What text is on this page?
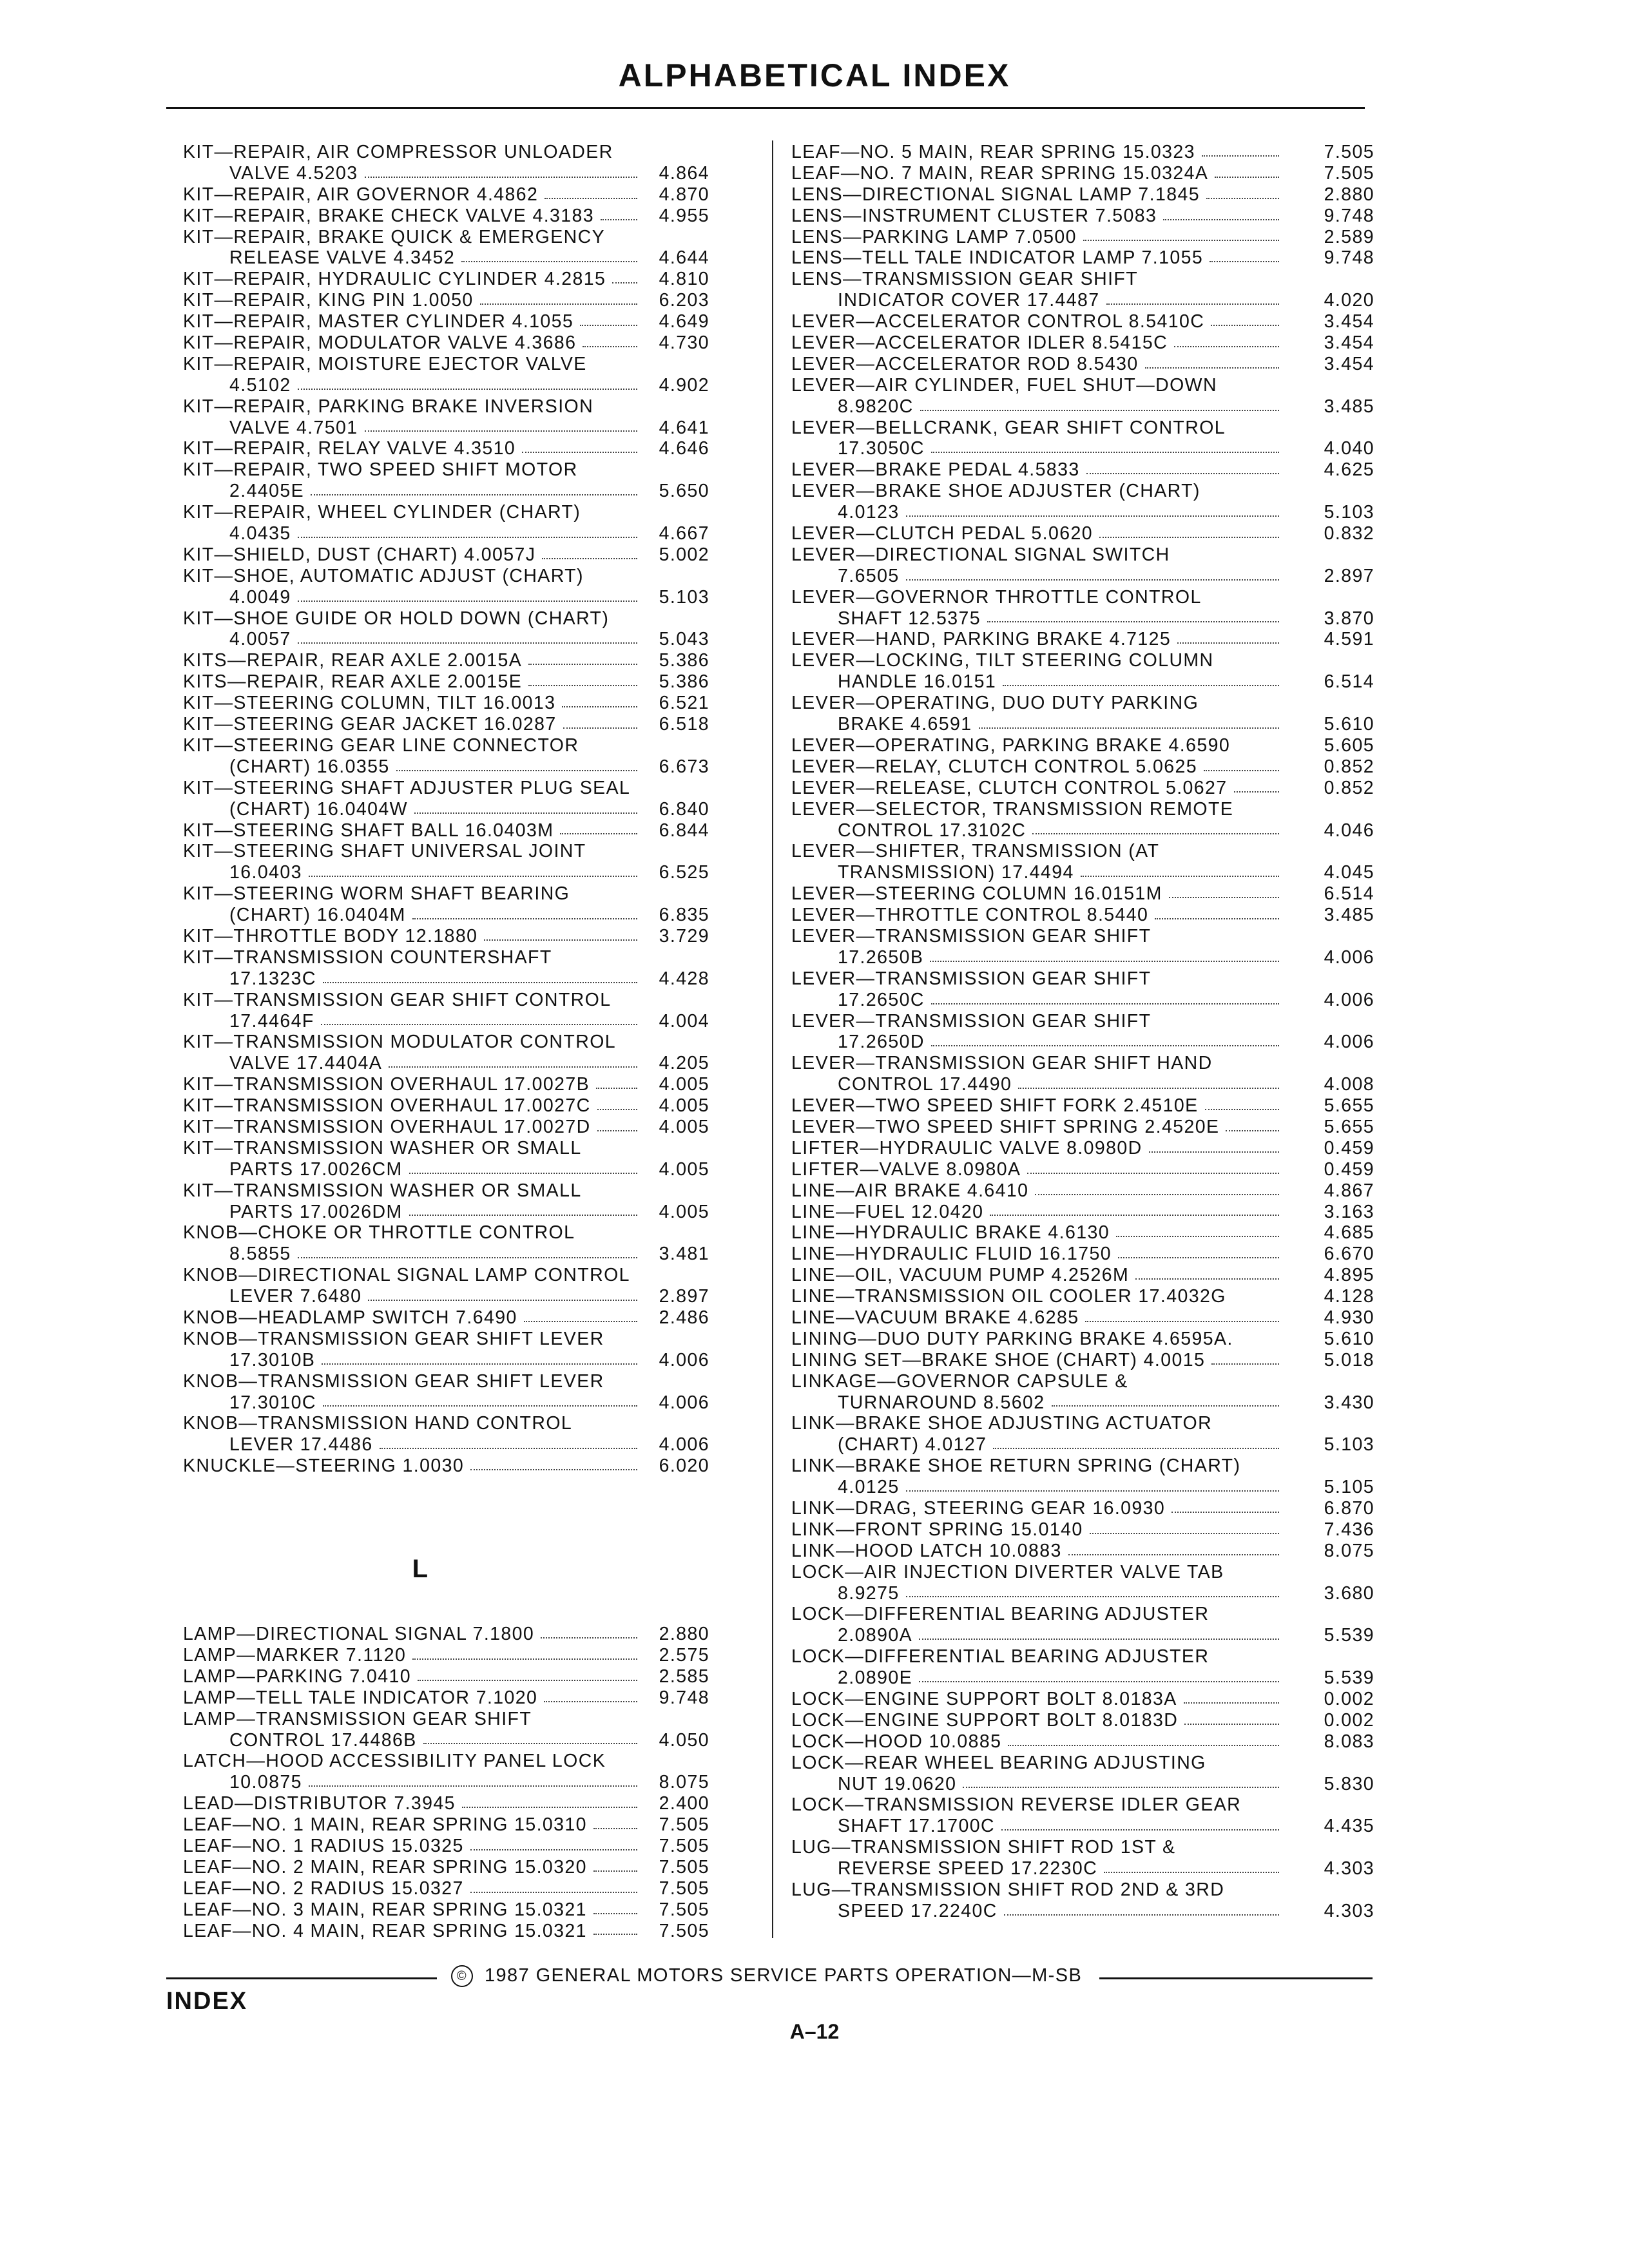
ALPHABETICAL INDEX
KIT—REPAIR, AIR COMPRESSOR UNLOADER
VALVE 4.5203	4.864
KIT—REPAIR, AIR GOVERNOR 4.4862	4.870
KIT—REPAIR, BRAKE CHECK VALVE 4.3183	4.955
KIT—REPAIR, BRAKE QUICK & EMERGENCY
RELEASE VALVE 4.3452	4.644
KIT—REPAIR, HYDRAULIC CYLINDER 4.2815	4.810
KIT—REPAIR, KING PIN 1.0050	6.203
KIT—REPAIR, MASTER CYLINDER 4.1055	4.649
KIT—REPAIR, MODULATOR VALVE 4.3686	4.730
KIT—REPAIR, MOISTURE EJECTOR VALVE
4.5102	4.902
KIT—REPAIR, PARKING BRAKE INVERSION
VALVE 4.7501	4.641
KIT—REPAIR, RELAY VALVE 4.3510	4.646
KIT—REPAIR, TWO SPEED SHIFT MOTOR
2.4405E	5.650
KIT—REPAIR, WHEEL CYLINDER (CHART)
4.0435	4.667
KIT—SHIELD, DUST (CHART) 4.0057J	5.002
KIT—SHOE, AUTOMATIC ADJUST (CHART)
4.0049	5.103
KIT—SHOE GUIDE OR HOLD DOWN (CHART)
4.0057	5.043
KITS—REPAIR, REAR AXLE 2.0015A	5.386
KITS—REPAIR, REAR AXLE 2.0015E	5.386
KIT—STEERING COLUMN, TILT 16.0013	6.521
KIT—STEERING GEAR JACKET 16.0287	6.518
KIT—STEERING GEAR LINE CONNECTOR
(CHART) 16.0355	6.673
KIT—STEERING SHAFT ADJUSTER PLUG SEAL
(CHART) 16.0404W	6.840
KIT—STEERING SHAFT BALL 16.0403M	6.844
KIT—STEERING SHAFT UNIVERSAL JOINT
16.0403	6.525
KIT—STEERING WORM SHAFT BEARING
(CHART) 16.0404M	6.835
KIT—THROTTLE BODY 12.1880	3.729
KIT—TRANSMISSION COUNTERSHAFT
17.1323C	4.428
KIT—TRANSMISSION GEAR SHIFT CONTROL
17.4464F	4.004
KIT—TRANSMISSION MODULATOR CONTROL
VALVE 17.4404A	4.205
KIT—TRANSMISSION OVERHAUL 17.0027B	4.005
KIT—TRANSMISSION OVERHAUL 17.0027C	4.005
KIT—TRANSMISSION OVERHAUL 17.0027D	4.005
KIT—TRANSMISSION WASHER OR SMALL
PARTS 17.0026CM	4.005
KIT—TRANSMISSION WASHER OR SMALL
PARTS 17.0026DM	4.005
KNOB—CHOKE OR THROTTLE CONTROL
8.5855	3.481
KNOB—DIRECTIONAL SIGNAL LAMP CONTROL
LEVER 7.6480	2.897
KNOB—HEADLAMP SWITCH 7.6490	2.486
KNOB—TRANSMISSION GEAR SHIFT LEVER
17.3010B	4.006
KNOB—TRANSMISSION GEAR SHIFT LEVER
17.3010C	4.006
KNOB—TRANSMISSION HAND CONTROL
LEVER 17.4486	4.006
KNUCKLE—STEERING 1.0030	6.020
L
LAMP—DIRECTIONAL SIGNAL 7.1800	2.880
LAMP—MARKER 7.1120	2.575
LAMP—PARKING 7.0410	2.585
LAMP—TELL TALE INDICATOR 7.1020	9.748
LAMP—TRANSMISSION GEAR SHIFT
CONTROL 17.4486B	4.050
LATCH—HOOD ACCESSIBILITY PANEL LOCK
10.0875	8.075
LEAD—DISTRIBUTOR 7.3945	2.400
LEAF—NO. 1 MAIN, REAR SPRING 15.0310	7.505
LEAF—NO. 1 RADIUS 15.0325	7.505
LEAF—NO. 2 MAIN, REAR SPRING 15.0320	7.505
LEAF—NO. 2 RADIUS 15.0327	7.505
LEAF—NO. 3 MAIN, REAR SPRING 15.0321	7.505
LEAF—NO. 4 MAIN, REAR SPRING 15.0321	7.505
LEAF—NO. 5 MAIN, REAR SPRING 15.0323	7.505
LEAF—NO. 7 MAIN, REAR SPRING 15.0324A	7.505
LENS—DIRECTIONAL SIGNAL LAMP 7.1845	2.880
LENS—INSTRUMENT CLUSTER 7.5083	9.748
LENS—PARKING LAMP 7.0500	2.589
LENS—TELL TALE INDICATOR LAMP 7.1055	9.748
LENS—TRANSMISSION GEAR SHIFT
INDICATOR COVER 17.4487	4.020
LEVER—ACCELERATOR CONTROL 8.5410C	3.454
LEVER—ACCELERATOR IDLER 8.5415C	3.454
LEVER—ACCELERATOR ROD 8.5430	3.454
LEVER—AIR CYLINDER, FUEL SHUT—DOWN
8.9820C	3.485
LEVER—BELLCRANK, GEAR SHIFT CONTROL
17.3050C	4.040
LEVER—BRAKE PEDAL 4.5833	4.625
LEVER—BRAKE SHOE ADJUSTER (CHART)
4.0123	5.103
LEVER—CLUTCH PEDAL 5.0620	0.832
LEVER—DIRECTIONAL SIGNAL SWITCH
7.6505	2.897
LEVER—GOVERNOR THROTTLE CONTROL
SHAFT 12.5375	3.870
LEVER—HAND, PARKING BRAKE 4.7125	4.591
LEVER—LOCKING, TILT STEERING COLUMN
HANDLE 16.0151	6.514
LEVER—OPERATING, DUO DUTY PARKING
BRAKE 4.6591	5.610
LEVER—OPERATING, PARKING BRAKE 4.6590	5.605
LEVER—RELAY, CLUTCH CONTROL 5.0625	0.852
LEVER—RELEASE, CLUTCH CONTROL 5.0627	0.852
LEVER—SELECTOR, TRANSMISSION REMOTE
CONTROL 17.3102C	4.046
LEVER—SHIFTER, TRANSMISSION (AT
TRANSMISSION) 17.4494	4.045
LEVER—STEERING COLUMN 16.0151M	6.514
LEVER—THROTTLE CONTROL 8.5440	3.485
LEVER—TRANSMISSION GEAR SHIFT
17.2650B	4.006
LEVER—TRANSMISSION GEAR SHIFT
17.2650C	4.006
LEVER—TRANSMISSION GEAR SHIFT
17.2650D	4.006
LEVER—TRANSMISSION GEAR SHIFT HAND
CONTROL 17.4490	4.008
LEVER—TWO SPEED SHIFT FORK 2.4510E	5.655
LEVER—TWO SPEED SHIFT SPRING 2.4520E	5.655
LIFTER—HYDRAULIC VALVE 8.0980D	0.459
LIFTER—VALVE 8.0980A	0.459
LINE—AIR BRAKE 4.6410	4.867
LINE—FUEL 12.0420	3.163
LINE—HYDRAULIC BRAKE 4.6130	4.685
LINE—HYDRAULIC FLUID 16.1750	6.670
LINE—OIL, VACUUM PUMP 4.2526M	4.895
LINE—TRANSMISSION OIL COOLER 17.4032G	4.128
LINE—VACUUM BRAKE 4.6285	4.930
LINING—DUO DUTY PARKING BRAKE 4.6595A.	5.610
LINING SET—BRAKE SHOE (CHART) 4.0015	5.018
LINKAGE—GOVERNOR CAPSULE &
TURNAROUND 8.5602	3.430
LINK—BRAKE SHOE ADJUSTING ACTUATOR
(CHART) 4.0127	5.103
LINK—BRAKE SHOE RETURN SPRING (CHART)
4.0125	5.105
LINK—DRAG, STEERING GEAR 16.0930	6.870
LINK—FRONT SPRING 15.0140	7.436
LINK—HOOD LATCH 10.0883	8.075
LOCK—AIR INJECTION DIVERTER VALVE TAB
8.9275	3.680
LOCK—DIFFERENTIAL BEARING ADJUSTER
2.0890A	5.539
LOCK—DIFFERENTIAL BEARING ADJUSTER
2.0890E	5.539
LOCK—ENGINE SUPPORT BOLT 8.0183A	0.002
LOCK—ENGINE SUPPORT BOLT 8.0183D	0.002
LOCK—HOOD 10.0885	8.083
LOCK—REAR WHEEL BEARING ADJUSTING
NUT 19.0620	5.830
LOCK—TRANSMISSION REVERSE IDLER GEAR
SHAFT 17.1700C	4.435
LUG—TRANSMISSION SHIFT ROD 1ST &
REVERSE SPEED 17.2230C	4.303
LUG—TRANSMISSION SHIFT ROD 2ND & 3RD
SPEED 17.2240C	4.303
© 1987 GENERAL MOTORS SERVICE PARTS OPERATION—M-SB
INDEX
A–12
